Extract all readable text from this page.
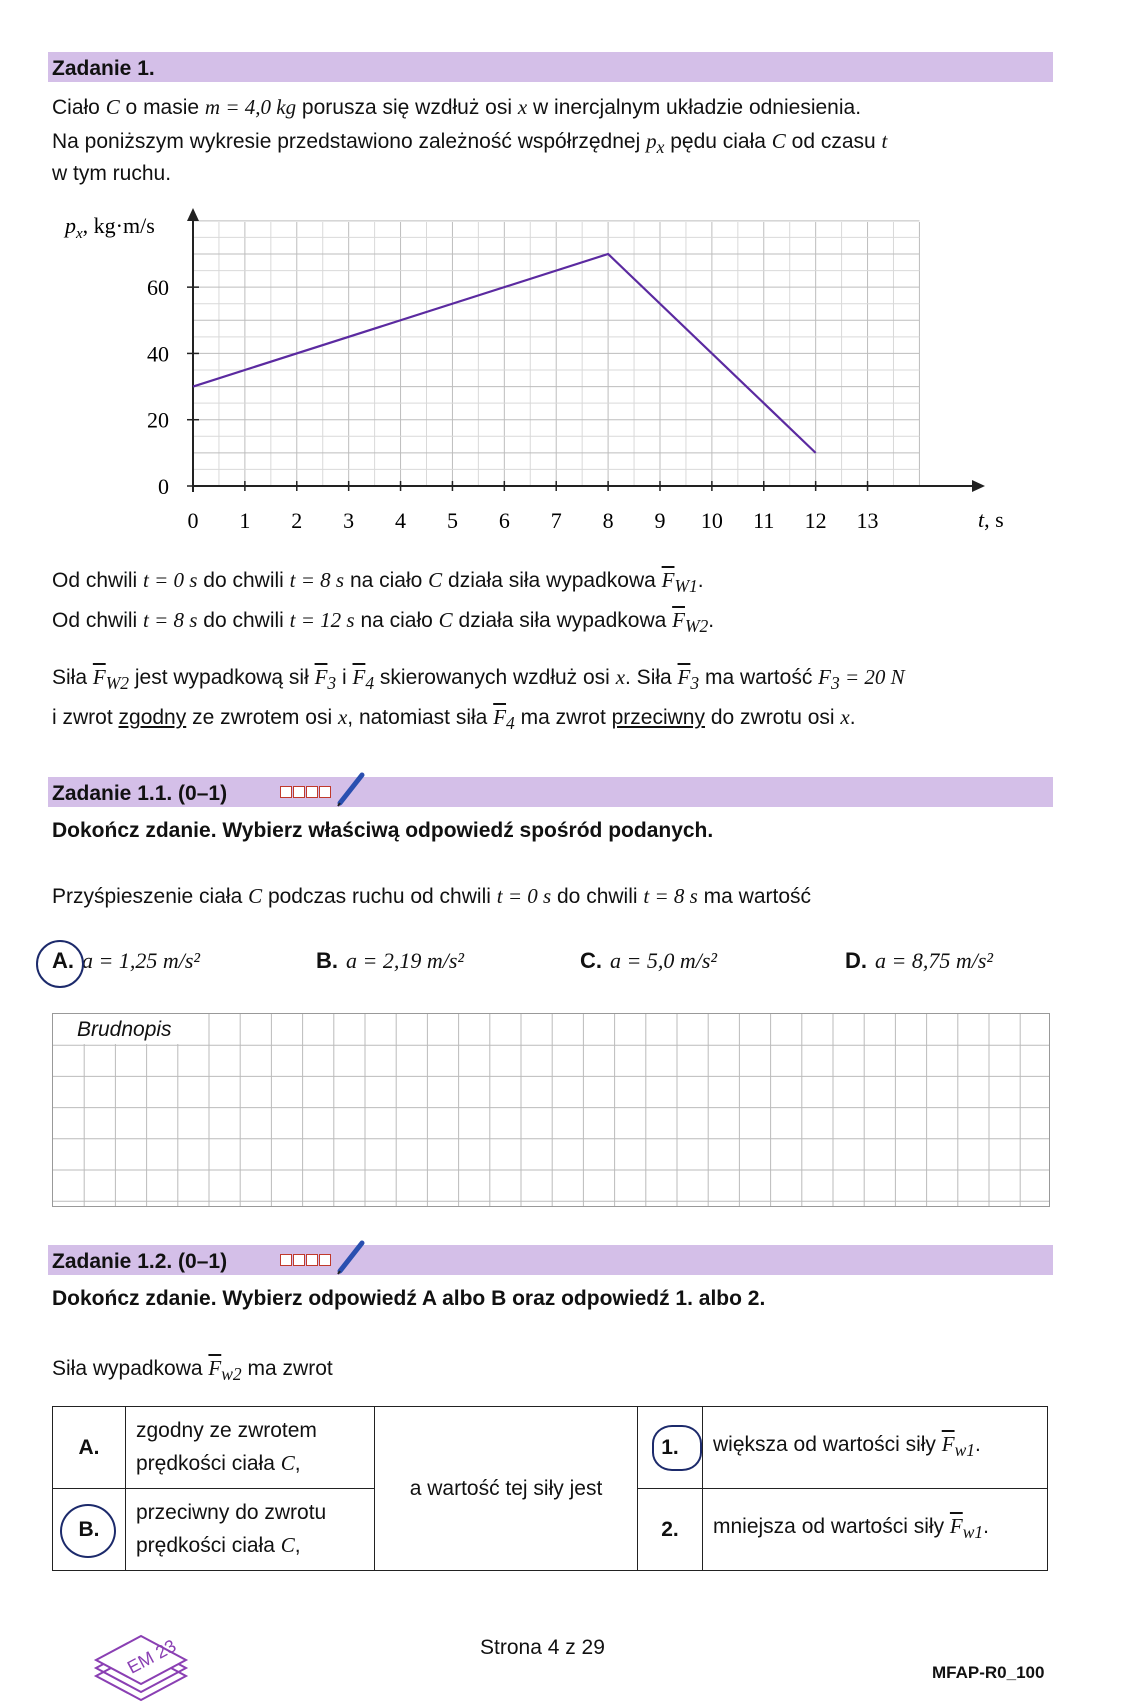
Zadanie 1.
Ciało C o masie m = 4,0 kg porusza się wzdłuż osi x w inercjalnym układzie odniesienia.
Na poniższym wykresie przedstawiono zależność współrzędnej $p_x$ pędu ciała C od czasu t
w tym ruchu.
0 1 2 3 4 5 6 7 8 9 10 11 12 13
0
20
40
60
$p_x$, kg·m/s
t, s
Od chwili t = 0 s do chwili t = 8 s na ciało C działa siła wypadkowa $\overline{F}_{W1}$.
Od chwili t = 8 s do chwili t = 12 s na ciało C działa siła wypadkowa $\overline{F}_{W2}$.
Siła $\overline{F}_{W2}$ jest wypadkową sił $\overline{F}_3$ i $\overline{F}_4$ skierowanych wzdłuż osi x. Siła $\overline{F}_3$ ma wartość $F_3 = 20$ N
i zwrot zgodny ze zwrotem osi x, natomiast siła $\overline{F}_4$ ma zwrot przeciwny do zwrotu osi x.
Zadanie 1.1. (0–1)
Dokończ zdanie. Wybierz właściwą odpowiedź spośród podanych.
Przyśpieszenie ciała C podczas ruchu od chwili t = 0 s do chwili t = 8 s ma wartość
A. a = 1,25 m/s²	B. a = 2,19 m/s²	C. a = 5,0 m/s²	D. a = 8,75 m/s²
Brudnopis
Zadanie 1.2. (0–1)
Dokończ zdanie. Wybierz odpowiedź A albo B oraz odpowiedź 1. albo 2.
Siła wypadkowa $\overline{F}_{w2}$ ma zwrot
A.	zgodny ze zwrotem
prędkości ciała C,	a wartość tej siły jest	1.	większa od wartości siły $\overline{F}_{w1}$.
B.	przeciwny do zwrotu
prędkości ciała C,		2.	mniejsza od wartości siły $\overline{F}_{w1}$.
EM 23	Strona 4 z 29
MFAP-R0_100
